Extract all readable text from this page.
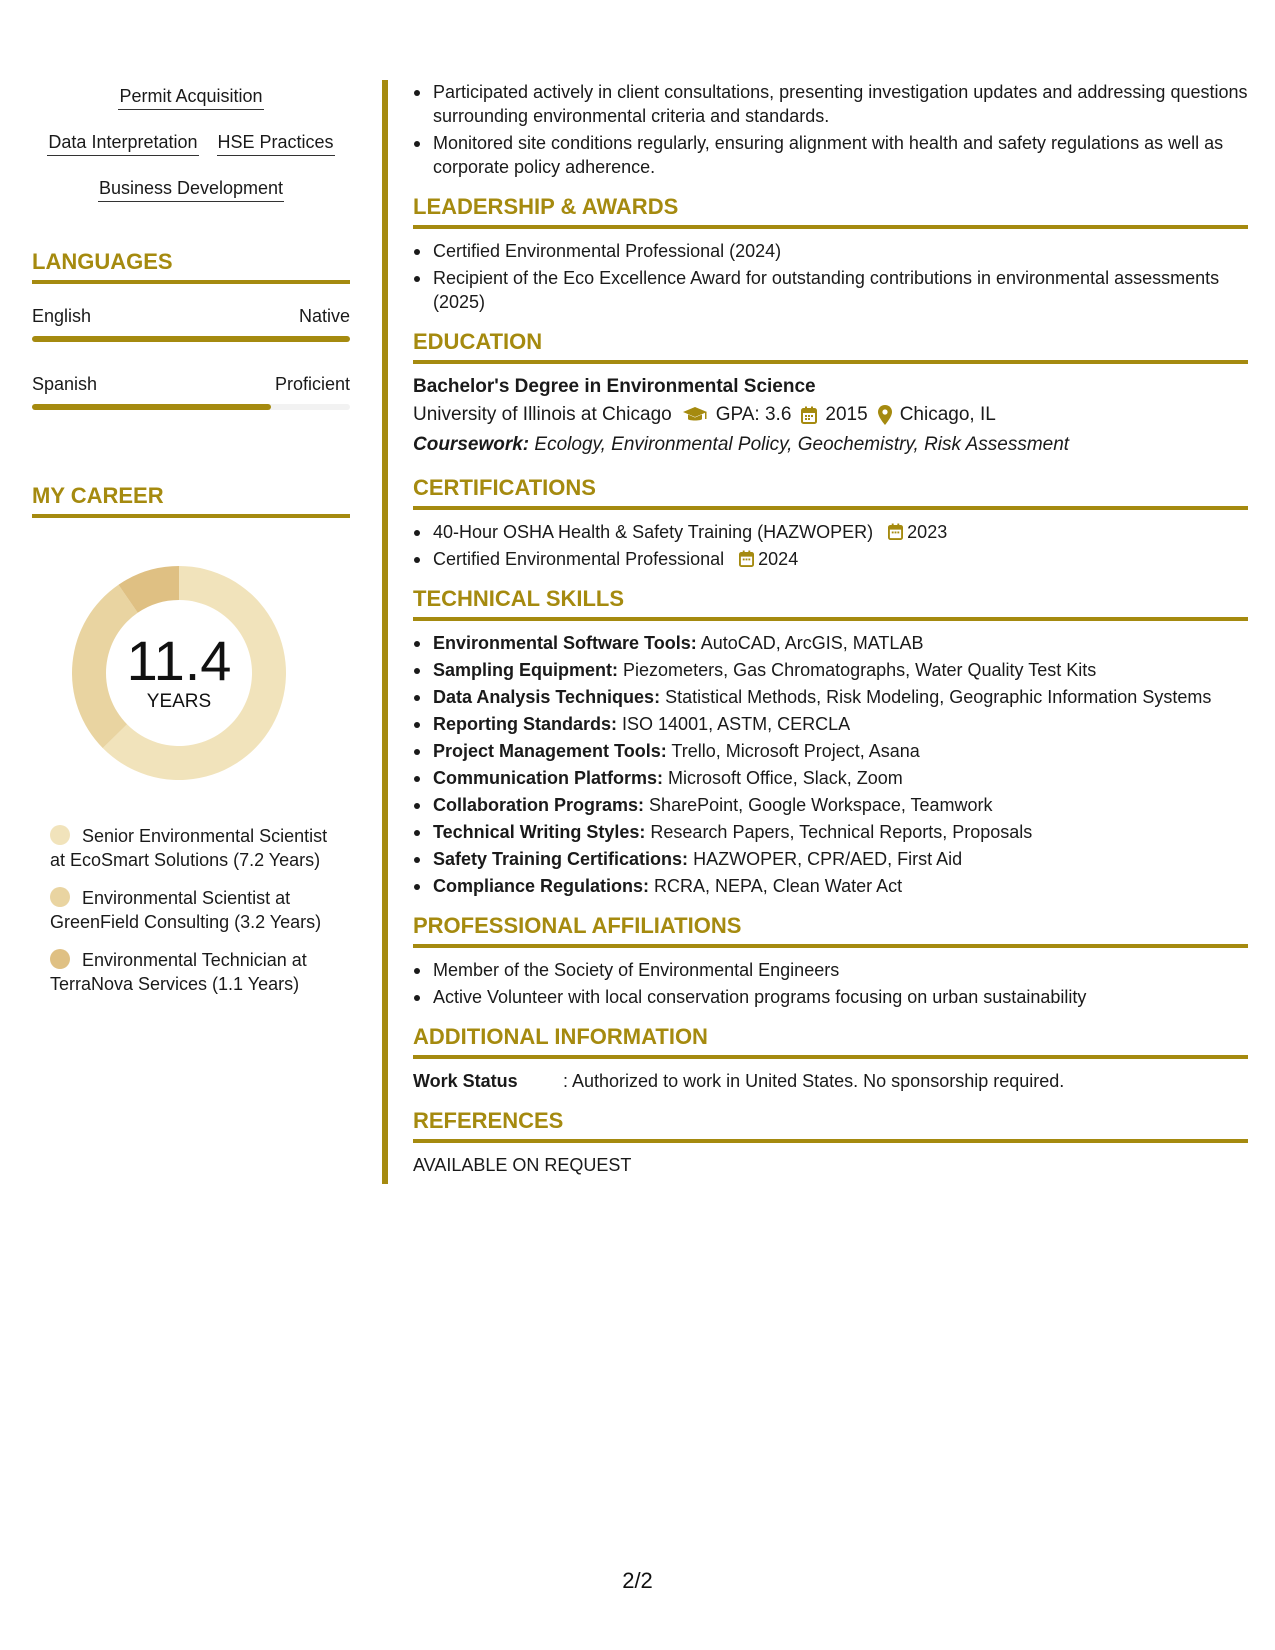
Permit Acquisition
Data Interpretation HSE Practices
Business Development
LANGUAGES
English	Native
Spanish	Proficient
MY CAREER
11.4
YEARS
Senior Environmental Scientist at EcoSmart Solutions (7.2 Years)
Environmental Scientist at GreenField Consulting (3.2 Years)
Environmental Technician at TerraNova Services (1.1 Years)
Participated actively in client consultations, presenting investigation updates and addressing questions surrounding environmental criteria and standards.
Monitored site conditions regularly, ensuring alignment with health and safety regulations as well as corporate policy adherence.
LEADERSHIP & AWARDS
Certified Environmental Professional (2024)
Recipient of the Eco Excellence Award for outstanding contributions in environmental assessments (2025)
EDUCATION
Bachelor's Degree in Environmental Science
University of Illinois at Chicago GPA: 3.6 2015 Chicago, IL
Coursework: Ecology, Environmental Policy, Geochemistry, Risk Assessment
CERTIFICATIONS
40-Hour OSHA Health & Safety Training (HAZWOPER) 2023
Certified Environmental Professional 2024
TECHNICAL SKILLS
Environmental Software Tools: AutoCAD, ArcGIS, MATLAB
Sampling Equipment: Piezometers, Gas Chromatographs, Water Quality Test Kits
Data Analysis Techniques: Statistical Methods, Risk Modeling, Geographic Information Systems
Reporting Standards: ISO 14001, ASTM, CERCLA
Project Management Tools: Trello, Microsoft Project, Asana
Communication Platforms: Microsoft Office, Slack, Zoom
Collaboration Programs: SharePoint, Google Workspace, Teamwork
Technical Writing Styles: Research Papers, Technical Reports, Proposals
Safety Training Certifications: HAZWOPER, CPR/AED, First Aid
Compliance Regulations: RCRA, NEPA, Clean Water Act
PROFESSIONAL AFFILIATIONS
Member of the Society of Environmental Engineers
Active Volunteer with local conservation programs focusing on urban sustainability
ADDITIONAL INFORMATION
Work Status	: Authorized to work in United States. No sponsorship required.
REFERENCES
AVAILABLE ON REQUEST
2/2
